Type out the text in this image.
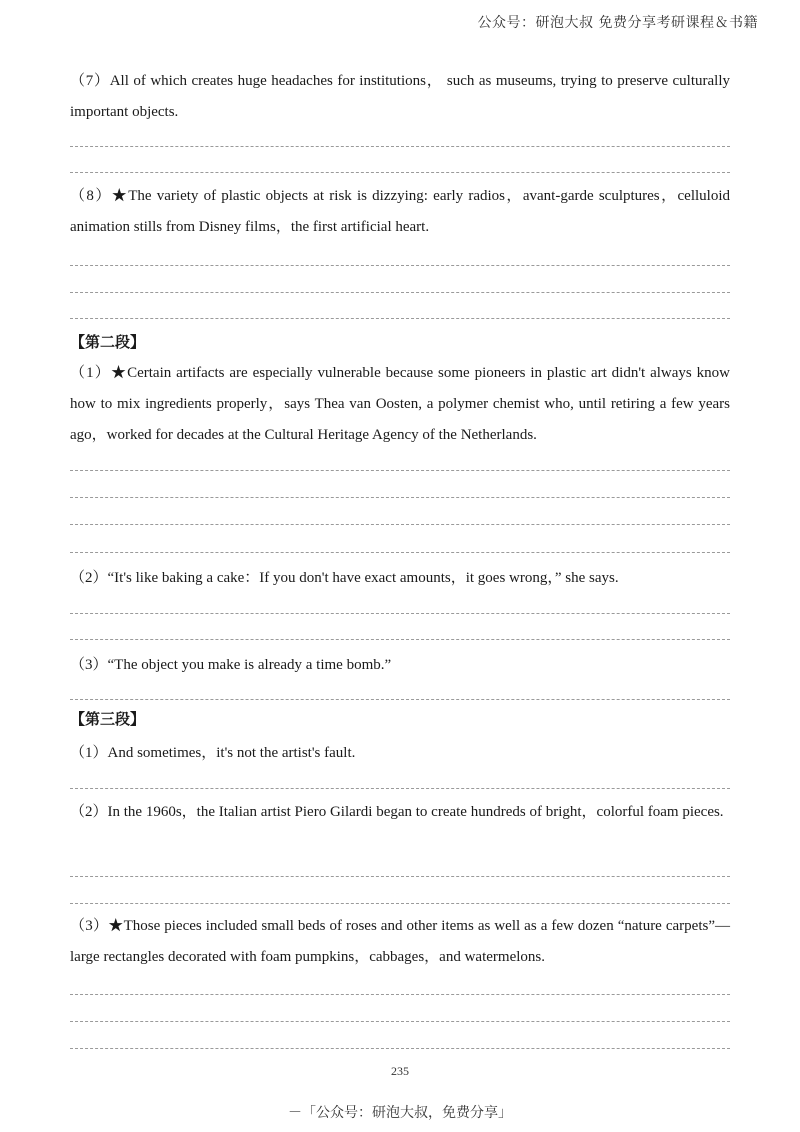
公众号：研泡大叔 免费分享考研课程＆书籍
（7）All of which creates huge headaches for institutions， such as museums, trying to preserve culturally important objects.
（8）★The variety of plastic objects at risk is dizzying: early radios，avant-garde sculptures，celluloid animation stills from Disney films，the first artificial heart.
【第二段】
（1）★Certain artifacts are especially vulnerable because some pioneers in plastic art didn't always know how to mix ingredients properly，says Thea van Oosten, a polymer chemist who, until retiring a few years ago，worked for decades at the Cultural Heritage Agency of the Netherlands.
（2）“It's like baking a cake：If you don't have exact amounts，it goes wrong，” she says.
（3）“The object you make is already a time bomb.”
【第三段】
（1）And sometimes，it's not the artist's fault.
（2）In the 1960s，the Italian artist Piero Gilardi began to create hundreds of bright，colorful foam pieces.
（3）★Those pieces included small beds of roses and other items as well as a few dozen “nature carpets”—large rectangles decorated with foam pumpkins，cabbages，and watermelons.
235
－「公众号：研泡大叔，免费分享」
